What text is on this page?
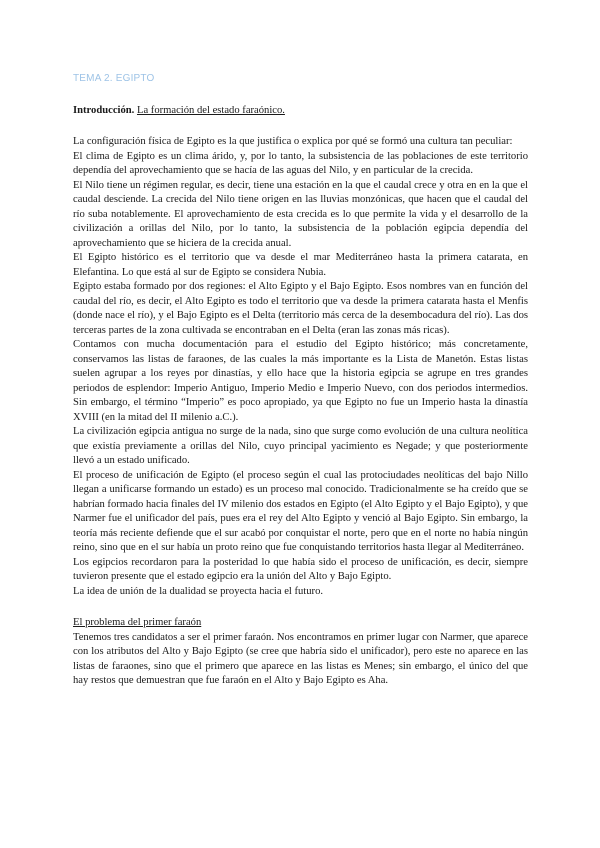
TEMA 2. EGIPTO
Introducción. La formación del estado faraónico.

La configuración física de Egipto es la que justifica o explica por qué se formó una cultura tan peculiar:

El clima de Egipto es un clima árido, y, por lo tanto, la subsistencia de las poblaciones de este territorio dependía del aprovechamiento que se hacía de las aguas del Nilo, y en particular de la crecida.

El Nilo tiene un régimen regular, es decir, tiene una estación en la que el caudal crece y otra en en la que el caudal desciende. La crecida del Nilo tiene origen en las lluvias monzónicas, que hacen que el caudal del río suba notablemente. El aprovechamiento de esta crecida es lo que permite la vida y el desarrollo de la civilización a orillas del Nilo, por lo tanto, la subsistencia de la población egipcia dependía del aprovechamiento que se hiciera de la crecida anual.

El Egipto histórico es el territorio que va desde el mar Mediterráneo hasta la primera catarata, en Elefantina. Lo que está al sur de Egipto se considera Nubia.

Egipto estaba formado por dos regiones: el Alto Egipto y el Bajo Egipto. Esos nombres van en función del caudal del río, es decir, el Alto Egipto es todo el territorio que va desde la primera catarata hasta el Menfis (donde nace el río), y el Bajo Egipto es el Delta (territorio más cerca de la desembocadura del río). Las dos terceras partes de la zona cultivada se encontraban en el Delta (eran las zonas más ricas).

Contamos con mucha documentación para el estudio del Egipto histórico; más concretamente, conservamos las listas de faraones, de las cuales la más importante es la Lista de Manetón. Estas listas suelen agrupar a los reyes por dinastías, y ello hace que la historia egipcia se agrupe en tres grandes periodos de esplendor: Imperio Antiguo, Imperio Medio e Imperio Nuevo, con dos periodos intermedios. Sin embargo, el término “Imperio” es poco apropiado, ya que Egipto no fue un Imperio hasta la dinastía XVIII (en la mitad del II milenio a.C.).

La civilización egipcia antigua no surge de la nada, sino que surge como evolución de una cultura neolítica que existía previamente a orillas del Nilo, cuyo principal yacimiento es Negade; y que posteriormente llevó a un estado unificado.

El proceso de unificación de Egipto (el proceso según el cual las protociudades neolíticas del bajo Nillo llegan a unificarse formando un estado) es un proceso mal conocido. Tradicionalmente se ha creído que se habrían formado hacia finales del IV milenio dos estados en Egipto (el Alto Egipto y el Bajo Egipto), y que Narmer fue el unificador del país, pues era el rey del Alto Egipto y venció al Bajo Egipto. Sin embargo, la teoría más reciente defiende que el sur acabó por conquistar el norte, pero que en el norte no había ningún reino, sino que en el sur había un proto reino que fue conquistando territorios hasta llegar al Mediterráneo.

Los egipcios recordaron para la posteridad lo que había sido el proceso de unificación, es decir, siempre tuvieron presente que el estado egipcio era la unión del Alto y Bajo Egipto.

La idea de unión de la dualidad se proyecta hacia el futuro.

El problema del primer faraón

Tenemos tres candidatos a ser el primer faraón. Nos encontramos en primer lugar con Narmer, que aparece con los atributos del Alto y Bajo Egipto (se cree que habría sido el unificador), pero este no aparece en las listas de faraones, sino que el primero que aparece en las listas es Menes; sin embargo, el único del que hay restos que demuestran que fue faraón en el Alto y Bajo Egipto es Aha.
